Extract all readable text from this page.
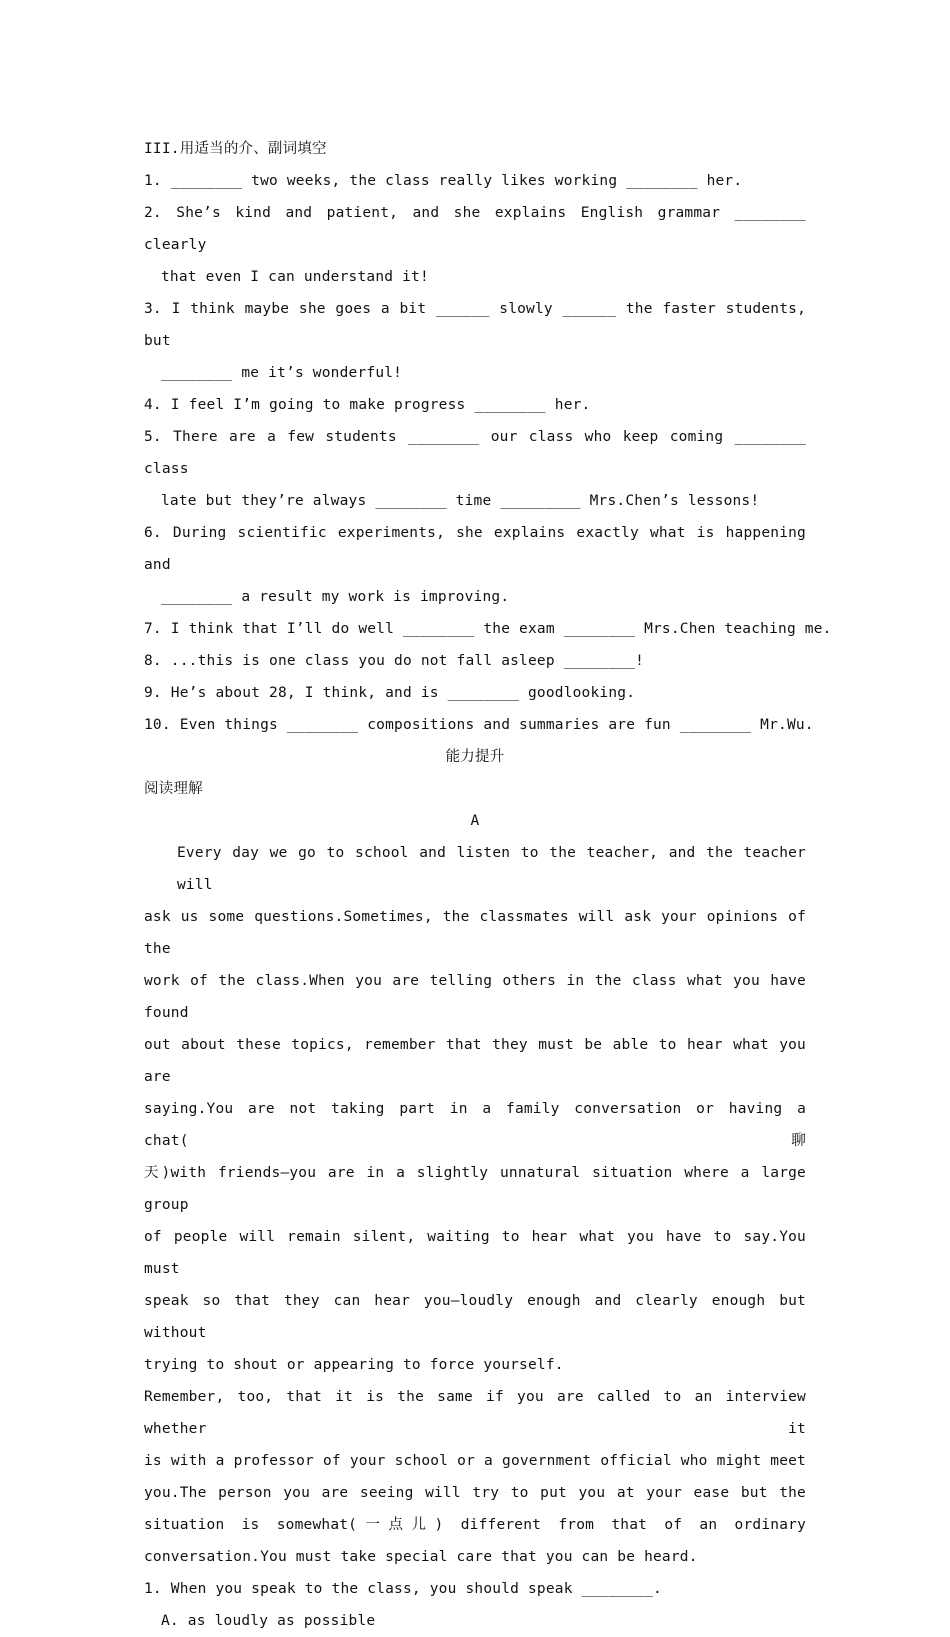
III.用适当的介、副词填空
1. ________ two weeks, the class really likes working ________ her.
2. She’s kind and patient, and she explains English grammar ________ clearly
that even I can understand it!
3. I think maybe she goes a bit ______ slowly ______ the faster students, but
________ me it’s wonderful!
4. I feel I’m going to make progress ________ her.
5. There are a few students ________ our class who keep coming ________ class
late but they’re always ________ time _________ Mrs.Chen’s lessons!
6. During scientific experiments, she explains exactly what is happening and
________ a result my work is improving.
7. I think that I’ll do well ________ the exam ________ Mrs.Chen teaching me.
8. ...this is one class you do not fall asleep ________!
9. He’s about 28, I think, and is ________ goodlooking.
10. Even things ________ compositions and summaries are fun ________ Mr.Wu.
能力提升
阅读理解
A
Every day we go to school and listen to the teacher, and the teacher will
ask us some questions.Sometimes, the classmates will ask your opinions of the
work of the class.When you are telling others in the class what you have found
out about these topics, remember that they must be able to hear what you are
saying.You are not taking part in a family conversation or having a chat(聊
天)with friends—you are in a slightly unnatural situation where a large group
of people will remain silent, waiting to hear what you have to say.You must
speak so that they can hear you—loudly enough and clearly enough but without
trying to shout or appearing to force yourself.
Remember, too, that it is the same if you are called to an interview whether it
is with a professor of your school or a government official who might meet
you.The person you are seeing will try to put you at your ease but the
situation is somewhat(一点儿) different from that of an ordinary
conversation.You must take special care that you can be heard.
1. When you speak to the class, you should speak ________.
A. as loudly as possible
